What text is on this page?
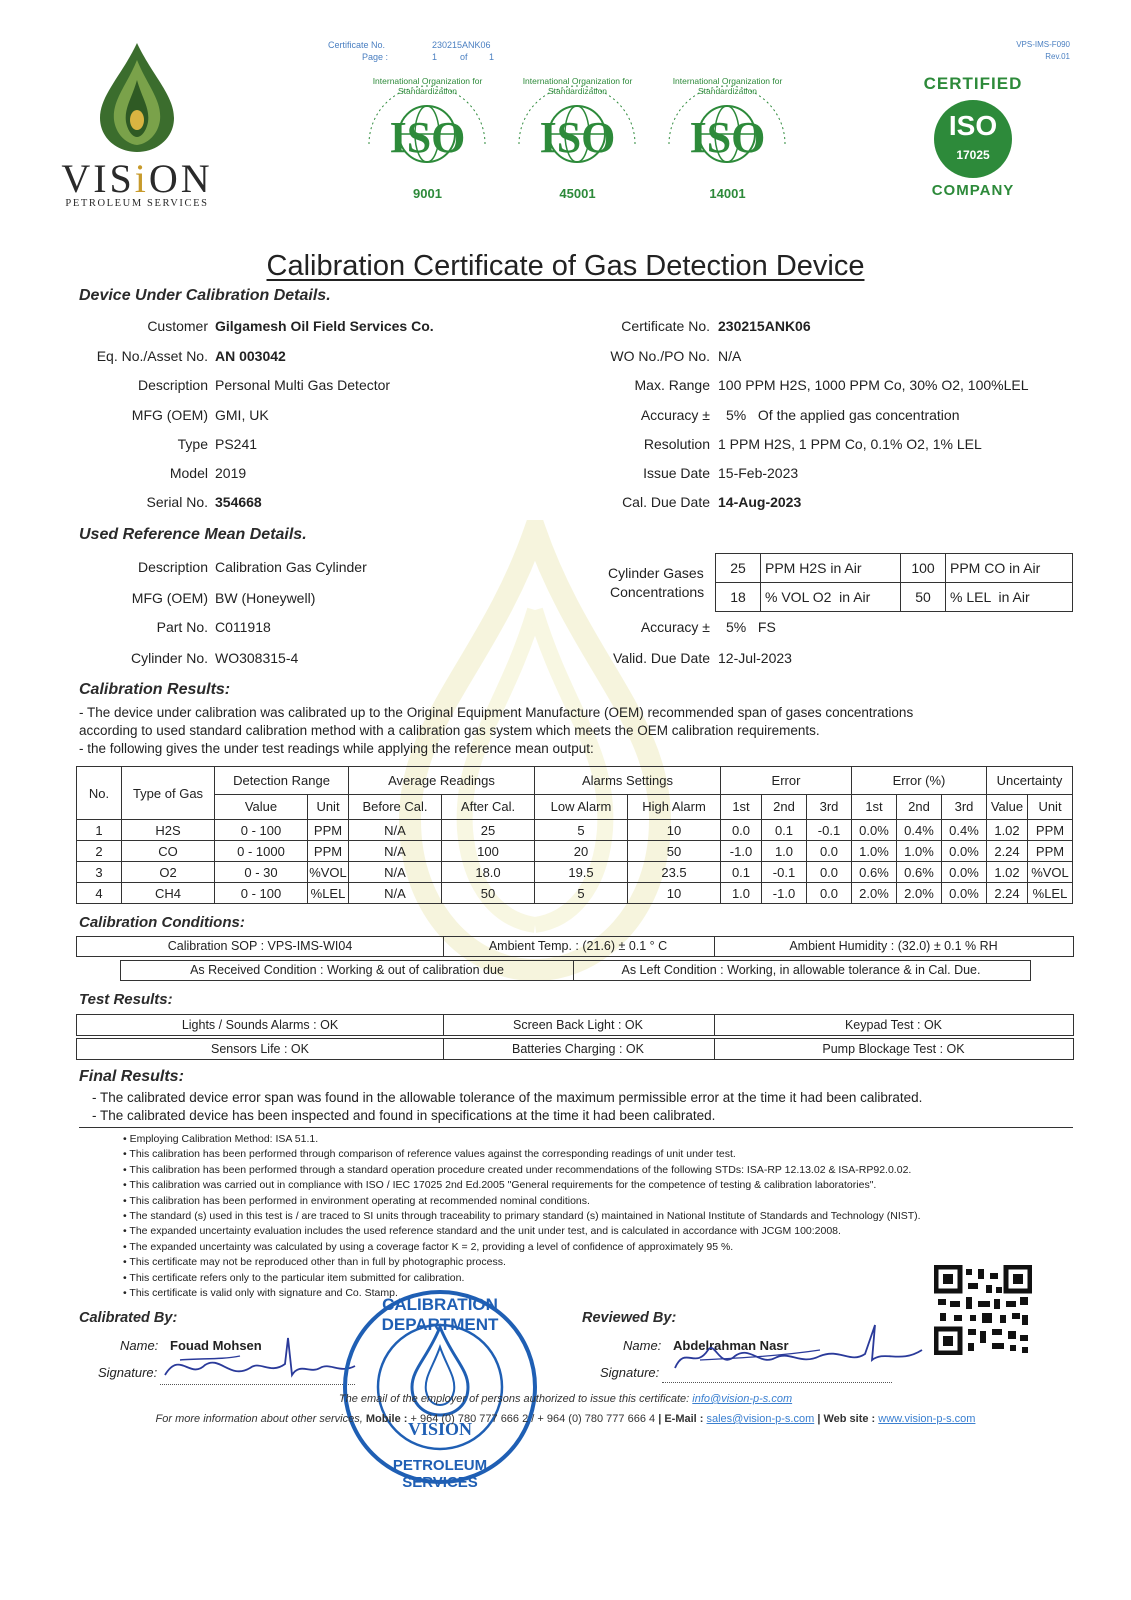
VISiON
PETROLEUM SERVICES
Certificate No.	230215ANK06
Page :	1	of 1
VPS-IMS-F090
Rev.01
International Organization for Standardization
ISO
9001
International Organization for Standardization
ISO
45001
International Organization for Standardization
ISO
14001
CERTIFIED
ISO
17025
COMPANY
Calibration Certificate of Gas Detection Device
Device Under Calibration Details.
Customer Gilgamesh Oil Field Services Co.
Eq. No./Asset No. AN 003042
Description Personal Multi Gas Detector
MFG (OEM) GMI, UK
Type PS241
Model 2019
Serial No. 354668
Certificate No. 230215ANK06
WO No./PO No. N/A
Max. Range 100 PPM H2S, 1000 PPM Co, 30% O2, 100%LEL
Accuracy ± 5%   Of the applied gas concentration
Resolution 1 PPM H2S, 1 PPM Co, 0.1% O2, 1% LEL
Issue Date 15-Feb-2023
Cal. Due Date 14-Aug-2023
Used Reference Mean Details.
Description Calibration Gas Cylinder
MFG (OEM) BW (Honeywell)
Part No. C011918
Cylinder No. WO308315-4
Cylinder Gases
Concentrations
25	PPM H2S in Air	100	PPM CO in Air
18	% VOL O2  in Air	50	% LEL  in Air
Accuracy ± 5%   FS
Valid. Due Date 12-Jul-2023
Calibration Results:
- The device under calibration was calibrated up to the Original Equipment Manufacture (OEM) recommended span of gases concentrations
according to used standard calibration method with a calibration gas system which meets the OEM calibration requirements.
- the following gives the under test readings while applying the reference mean output:
No.	Type of Gas	Detection Range		Average Readings		Alarms Settings		Error			Error (%)			Uncertainty	
		Value	Unit	Before Cal.	After Cal.	Low Alarm	High Alarm	1st	2nd	3rd	1st	2nd	3rd	Value	Unit
1	H2S	0 - 100	PPM	N/A	25	5	10	0.0	0.1	-0.1	0.0%	0.4%	0.4%	1.02	PPM
2	CO	0 - 1000	PPM	N/A	100	20	50	-1.0	1.0	0.0	1.0%	1.0%	0.0%	2.24	PPM
3	O2	0 - 30	%VOL	N/A	18.0	19.5	23.5	0.1	-0.1	0.0	0.6%	0.6%	0.0%	1.02	%VOL
4	CH4	0 - 100	%LEL	N/A	50	5	10	1.0	-1.0	0.0	2.0%	2.0%	0.0%	2.24	%LEL
Calibration Conditions:
Calibration SOP : VPS-IMS-WI04	Ambient Temp. : (21.6) ± 0.1 ° C	Ambient Humidity : (32.0) ± 0.1 % RH
As Received Condition : Working & out of calibration due	As Left Condition : Working, in allowable tolerance & in Cal. Due.
Test Results:
Lights / Sounds Alarms : OK	Screen Back Light : OK	Keypad Test : OK
Sensors Life : OK	Batteries Charging : OK	Pump Blockage Test : OK
Final Results:
- The calibrated device error span was found in the allowable tolerance of the maximum permissible error at the time it had been calibrated.
- The calibrated device has been inspected and found in specifications at the time it had been calibrated.
• Employing Calibration Method: ISA 51.1.
• This calibration has been performed through comparison of reference values against the corresponding readings of unit under test.
• This calibration has been performed through a standard operation procedure created under recommendations of the following STDs: ISA-RP 12.13.02 & ISA-RP92.0.02.
• This calibration was carried out in compliance with ISO / IEC 17025 2nd Ed.2005 "General requirements for the competence of testing & calibration laboratories".
• This calibration has been performed in environment operating at recommended nominal conditions.
• The standard (s) used in this test is / are traced to SI units through traceability to primary standard (s) maintained in National Institute of Standards and Technology (NIST).
• The expanded uncertainty evaluation includes the used reference standard and the unit under test, and is calculated in accordance with JCGM 100:2008.
• The expanded uncertainty was calculated by using a coverage factor K = 2, providing a level of confidence of approximately 95 %.
• This certificate may not be reproduced other than in full by photographic process.
• This certificate refers only to the particular item submitted for calibration.
• This certificate is valid only with signature and Co. Stamp.
Calibrated By:
Name: Fouad Mohsen
Signature:
Reviewed By:
Name: Abdelrahman Nasr
Signature:
CALIBRATION DEPARTMENT
VISION
PETROLEUM SERVICES
The email of the employer of persons authorized to issue this certificate: info@vision-p-s.com
For more information about other services, Mobile : + 964 (0) 780 777 666 2 / + 964 (0) 780 777 666 4 | E-Mail : sales@vision-p-s.com | Web site : www.vision-p-s.com
